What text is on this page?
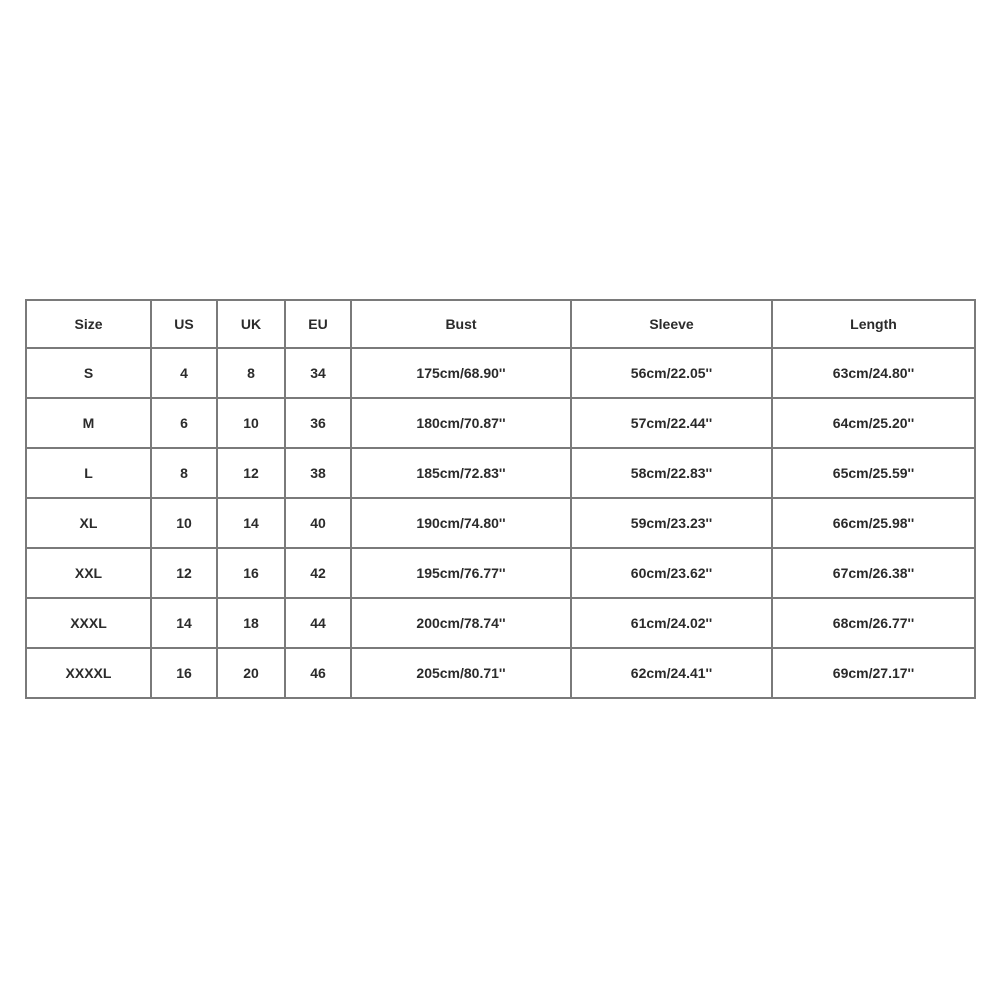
Size	US	UK	EU	Bust	Sleeve	Length
S	4	8	34	175cm/68.90''	56cm/22.05''	63cm/24.80''
M	6	10	36	180cm/70.87''	57cm/22.44''	64cm/25.20''
L	8	12	38	185cm/72.83''	58cm/22.83''	65cm/25.59''
XL	10	14	40	190cm/74.80''	59cm/23.23''	66cm/25.98''
XXL	12	16	42	195cm/76.77''	60cm/23.62''	67cm/26.38''
XXXL	14	18	44	200cm/78.74''	61cm/24.02''	68cm/26.77''
XXXXL	16	20	46	205cm/80.71''	62cm/24.41''	69cm/27.17''
